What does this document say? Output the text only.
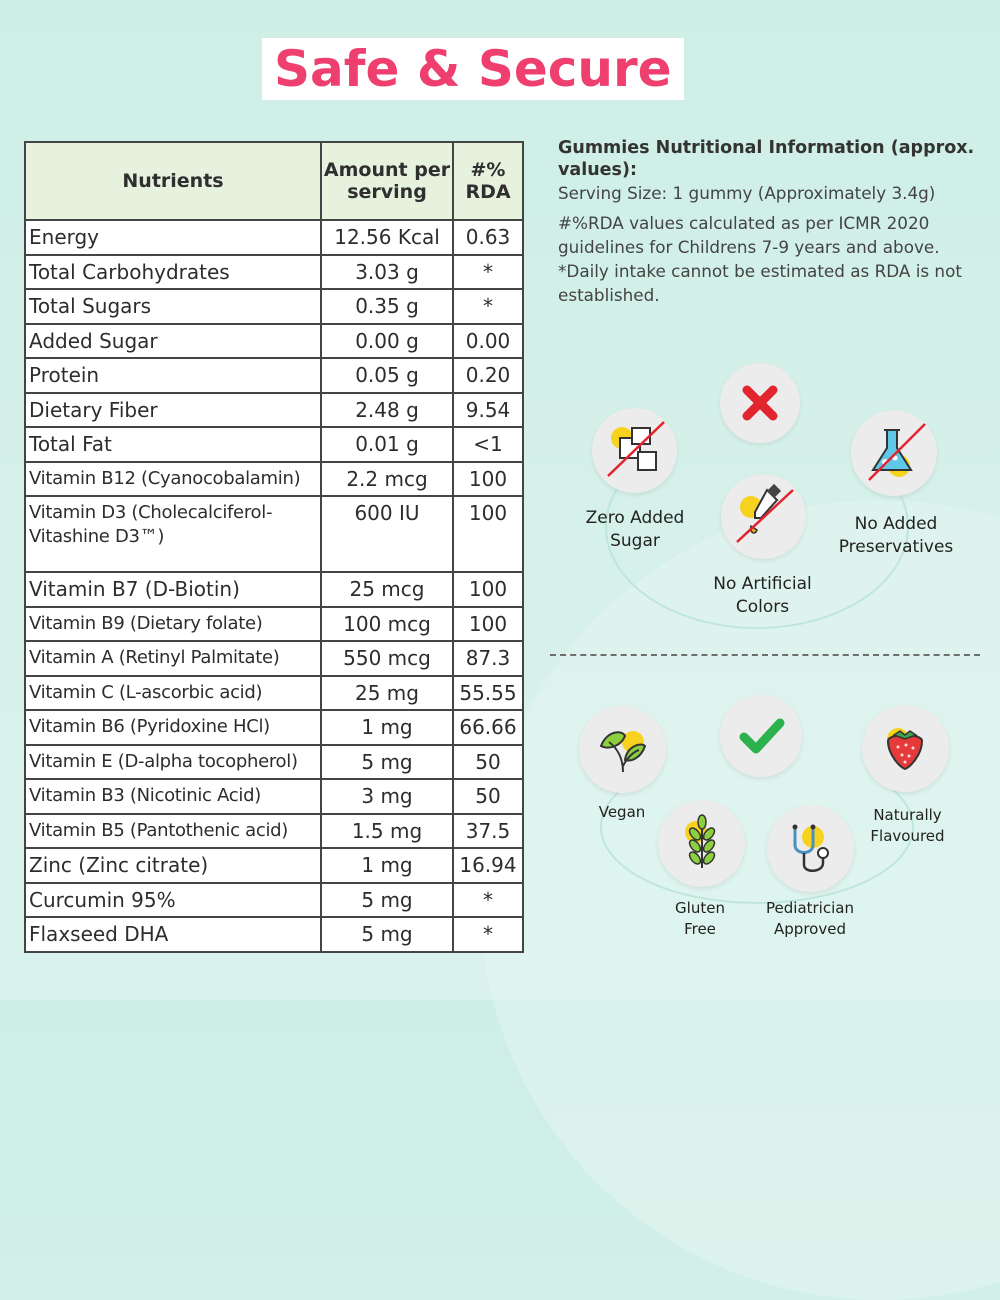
Safe & Secure
Nutrients	Amount per serving	#% RDA
Energy	12.56 Kcal	0.63
Total Carbohydrates	3.03 g	*
Total Sugars	0.35 g	*
Added Sugar	0.00 g	0.00
Protein	0.05 g	0.20
Dietary Fiber	2.48 g	9.54
Total Fat	0.01 g	<1
Vitamin B12 (Cyanocobalamin)	2.2 mcg	100
Vitamin D3 (Cholecalciferol-Vitashine D3™)	600 IU	100
Vitamin B7 (D-Biotin)	25 mcg	100
Vitamin B9 (Dietary folate)	100 mcg	100
Vitamin A (Retinyl Palmitate)	550 mcg	87.3
Vitamin C (L-ascorbic acid)	25 mg	55.55
Vitamin B6 (Pyridoxine HCl)	1 mg	66.66
Vitamin E (D-alpha tocopherol)	5 mg	50
Vitamin B3 (Nicotinic Acid)	3 mg	50
Vitamin B5 (Pantothenic acid)	1.5 mg	37.5
Zinc (Zinc citrate)	1 mg	16.94
Curcumin 95%	5 mg	*
Flaxseed DHA	5 mg	*
Gummies Nutritional Information (approx. values):
Serving Size: 1 gummy (Approximately 3.4g)
#%RDA values calculated as per ICMR 2020 guidelines for Childrens 7-9 years and above.
*Daily intake cannot be estimated as RDA is not established.
Zero Added Sugar
No Artificial Colors
No Added Preservatives
Vegan
Gluten Free
Pediatrician Approved
Naturally Flavoured
